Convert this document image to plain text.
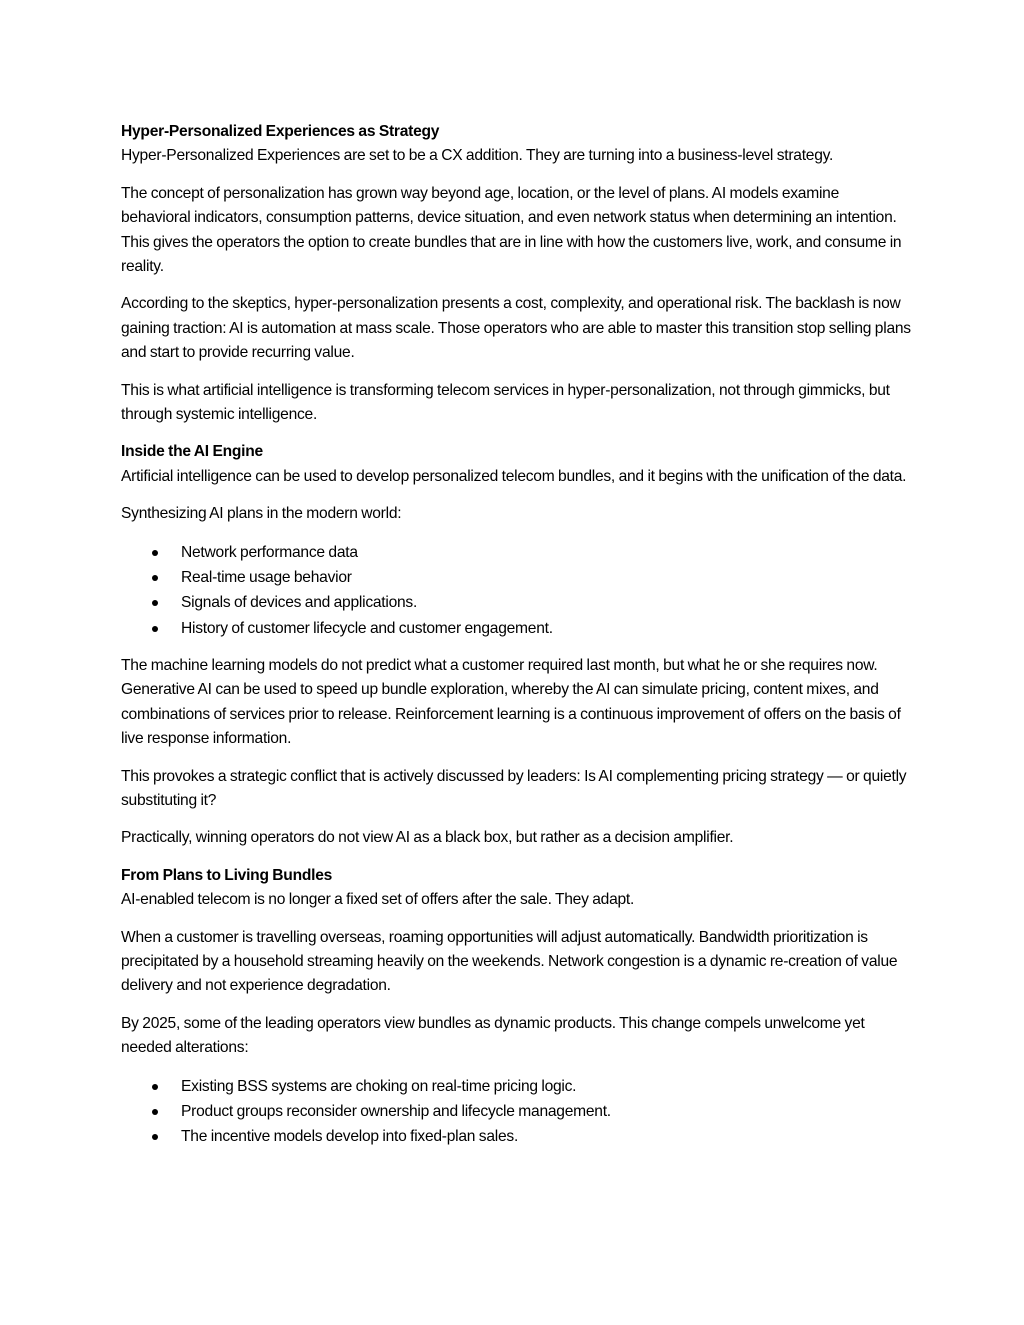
Hyper-Personalized Experiences as Strategy

Hyper-Personalized Experiences are set to be a CX addition. They are turning into a business-level strategy.

The concept of personalization has grown way beyond age, location, or the level of plans. AI models examine behavioral indicators, consumption patterns, device situation, and even network status when determining an intention. This gives the operators the option to create bundles that are in line with how the customers live, work, and consume in reality.

According to the skeptics, hyper-personalization presents a cost, complexity, and operational risk. The backlash is now gaining traction: AI is automation at mass scale. Those operators who are able to master this transition stop selling plans and start to provide recurring value.

This is what artificial intelligence is transforming telecom services in hyper-personalization, not through gimmicks, but through systemic intelligence.

Inside the AI Engine

Artificial intelligence can be used to develop personalized telecom bundles, and it begins with the unification of the data.

Synthesizing AI plans in the modern world:

Network performance data
Real-time usage behavior
Signals of devices and applications.
History of customer lifecycle and customer engagement.

The machine learning models do not predict what a customer required last month, but what he or she requires now. Generative AI can be used to speed up bundle exploration, whereby the AI can simulate pricing, content mixes, and combinations of services prior to release. Reinforcement learning is a continuous improvement of offers on the basis of live response information.

This provokes a strategic conflict that is actively discussed by leaders: Is AI complementing pricing strategy — or quietly substituting it?

Practically, winning operators do not view AI as a black box, but rather as a decision amplifier.

From Plans to Living Bundles

AI-enabled telecom is no longer a fixed set of offers after the sale. They adapt.

When a customer is travelling overseas, roaming opportunities will adjust automatically. Bandwidth prioritization is precipitated by a household streaming heavily on the weekends. Network congestion is a dynamic re-creation of value delivery and not experience degradation.

By 2025, some of the leading operators view bundles as dynamic products. This change compels unwelcome yet needed alterations:

Existing BSS systems are choking on real-time pricing logic.
Product groups reconsider ownership and lifecycle management.
The incentive models develop into fixed-plan sales.
